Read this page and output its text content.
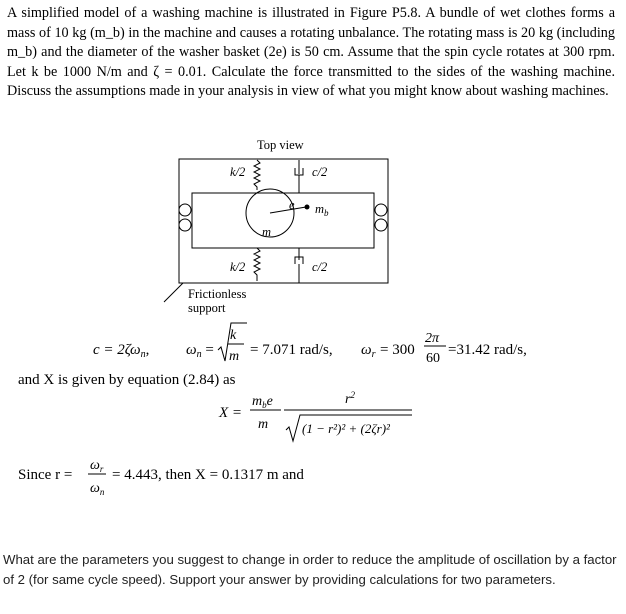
A simplified model of a washing machine is illustrated in Figure P5.8. A bundle of wet clothes forms a mass of 10 kg (m_b) in the machine and causes a rotating unbalance. The rotating mass is 20 kg (including m_b) and the diameter of the washer basket (2e) is 50 cm. Assume that the spin cycle rotates at 300 rpm. Let k be 1000 N/m and ζ = 0.01. Calculate the force transmitted to the sides of the washing machine. Discuss the assumptions made in your analysis in view of what you might know about washing machines.
Top view
k/2	c/2
e $m_b$
m
k/2	c/2
Frictionless
support
$c = 2\zeta\omega_n$, $\omega_n$ =
k
m = 7.071 rad/s, $\omega_r = 300$
2π
60
=31.42 rad/s,
and X is given by equation (2.84) as
X =
$m_be$
m
$r^2$
(1 − r²)² + (2ζr)²
Since r =
$\omega_r$
$\omega_n$
= 4.443, then X = 0.1317 m and
What are the parameters you suggest to change in order to reduce the amplitude of oscillation by a factor of 2 (for same cycle speed). Support your answer by providing calculations for two parameters.
